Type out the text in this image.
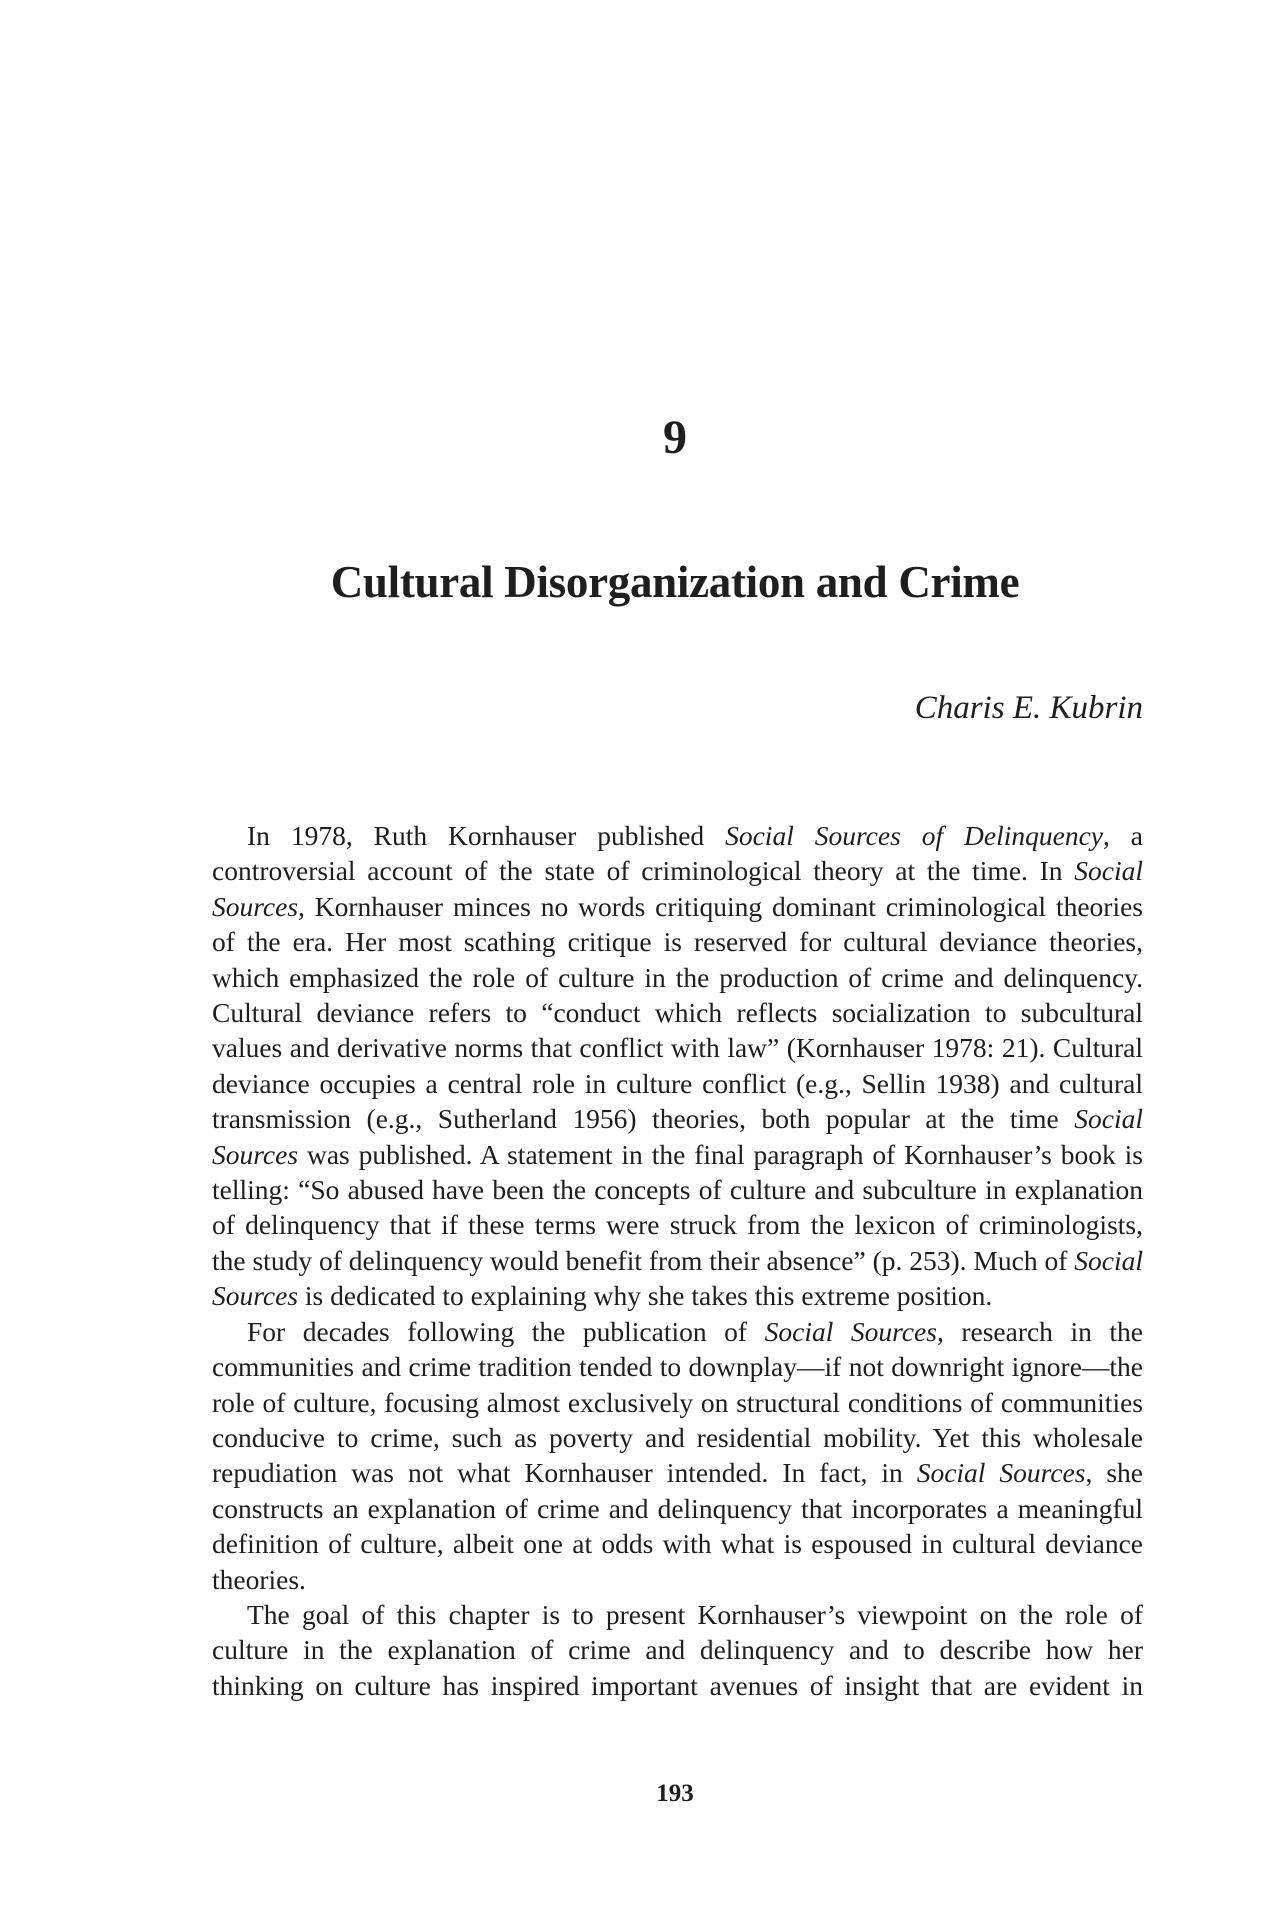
9
Cultural Disorganization and Crime
Charis E. Kubrin

In 1978, Ruth Kornhauser published Social Sources of Delinquency, a controversial account of the state of criminological theory at the time. In Social Sources, Kornhauser minces no words critiquing dominant criminological theories of the era. Her most scathing critique is reserved for cultural deviance theories, which emphasized the role of culture in the production of crime and delinquency. Cultural deviance refers to “conduct which reflects socialization to subcultural values and derivative norms that conflict with law” (Kornhauser 1978: 21). Cultural deviance occupies a central role in culture conflict (e.g., Sellin 1938) and cultural transmission (e.g., Sutherland 1956) theories, both popular at the time Social Sources was published. A statement in the final paragraph of Kornhauser’s book is telling: “So abused have been the concepts of culture and subculture in explanation of delinquency that if these terms were struck from the lexicon of criminologists, the study of delinquency would benefit from their absence” (p. 253). Much of Social Sources is dedicated to explaining why she takes this extreme position.

For decades following the publication of Social Sources, research in the communities and crime tradition tended to downplay—if not downright ignore—the role of culture, focusing almost exclusively on structural conditions of communities conducive to crime, such as poverty and residential mobility. Yet this wholesale repudiation was not what Kornhauser intended. In fact, in Social Sources, she constructs an explanation of crime and delinquency that incorporates a meaningful definition of culture, albeit one at odds with what is espoused in cultural deviance theories.

The goal of this chapter is to present Kornhauser’s viewpoint on the role of culture in the explanation of crime and delinquency and to describe how her thinking on culture has inspired important avenues of insight that are evident in

193
